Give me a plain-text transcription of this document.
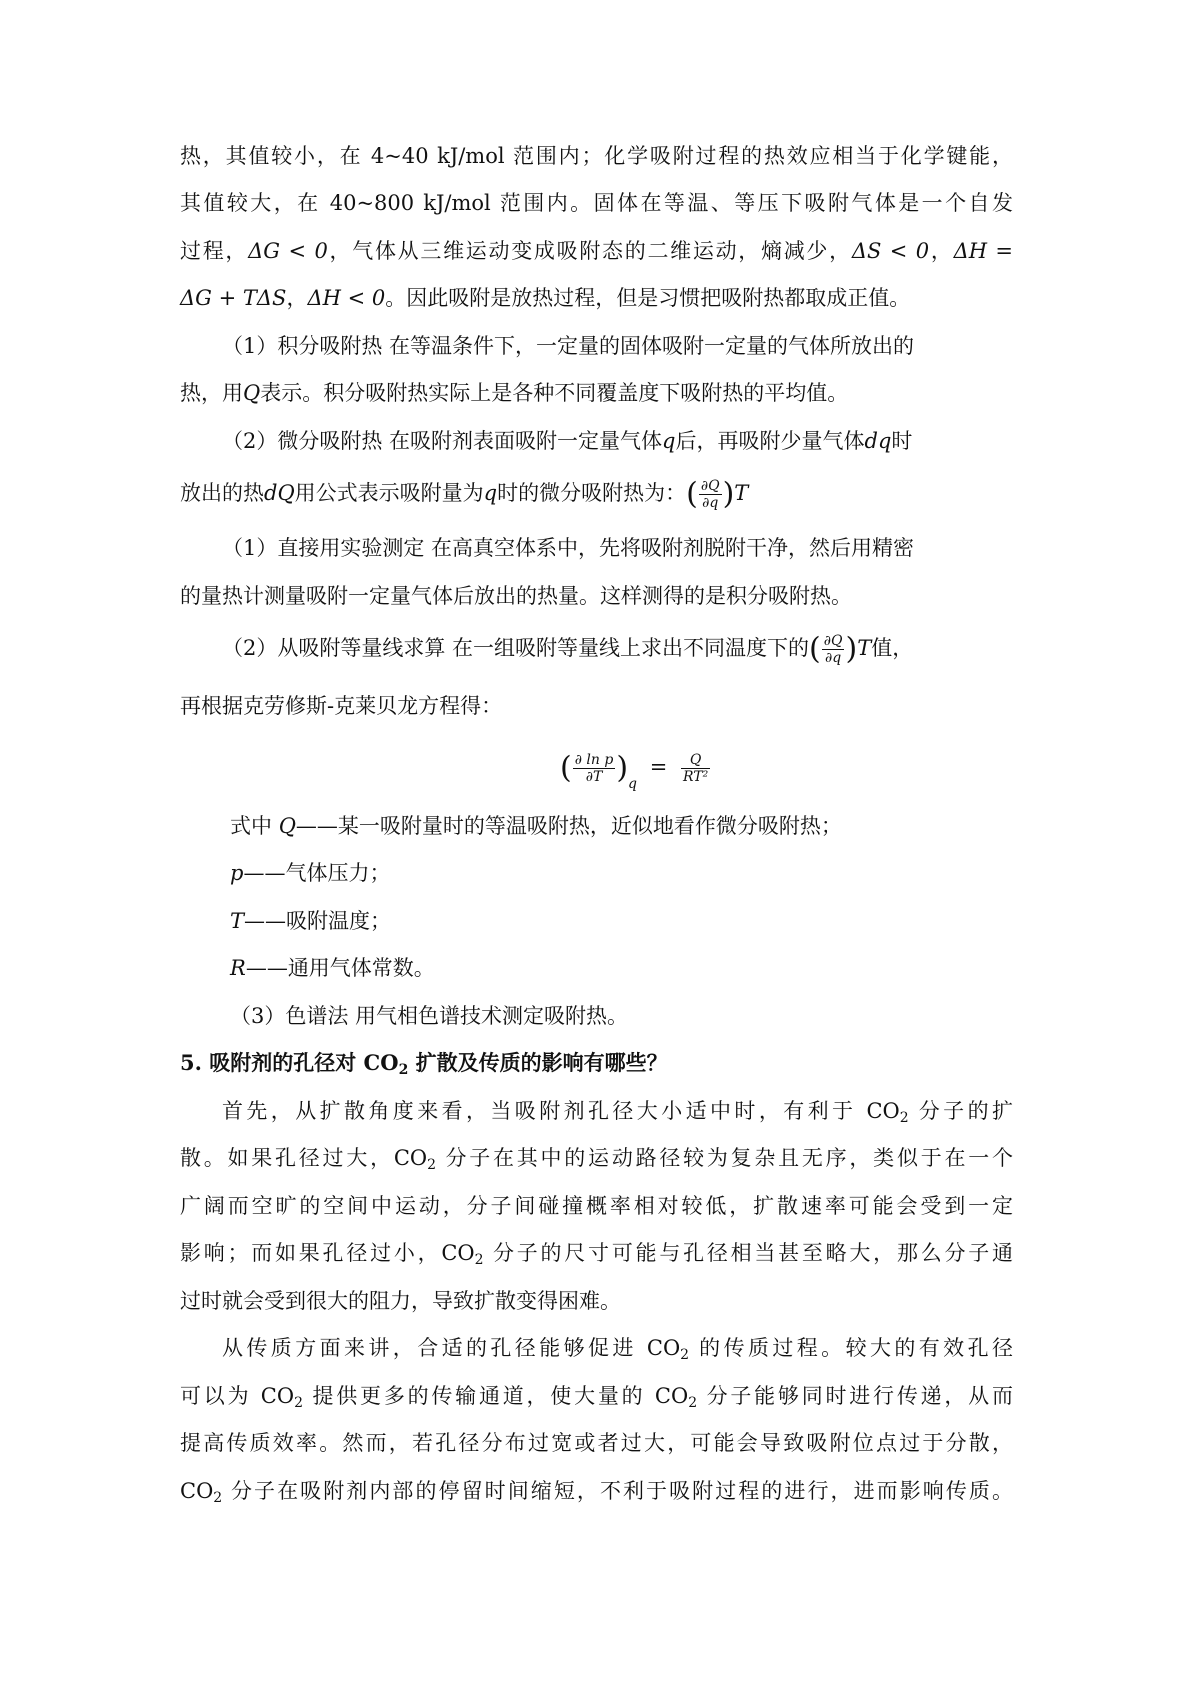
热，其值较小，在 4~40 kJ/mol 范围内；化学吸附过程的热效应相当于化学键能，
其值较大，在 40~800 kJ/mol 范围内。固体在等温、等压下吸附气体是一个自发
过程，ΔG < 0，气体从三维运动变成吸附态的二维运动，熵减少，ΔS < 0，ΔH =
ΔG + TΔS，ΔH < 0。因此吸附是放热过程，但是习惯把吸附热都取成正值。
（1）积分吸附热 在等温条件下，一定量的固体吸附一定量的气体所放出的
热，用Q表示。积分吸附热实际上是各种不同覆盖度下吸附热的平均值。
（2）微分吸附热 在吸附剂表面吸附一定量气体q后，再吸附少量气体dq时
放出的热dQ用公式表示吸附量为q时的微分吸附热为：( $\frac{\partial Q}{\partial q} )T$
（1）直接用实验测定 在高真空体系中，先将吸附剂脱附干净，然后用精密
的量热计测量吸附一定量气体后放出的热量。这样测得的是积分吸附热。
（2）从吸附等量线求算 在一组吸附等量线上求出不同温度下的( $\frac{\partial Q}{\partial q} )T$值，
再根据克劳修斯-克莱贝龙方程得：
( $\frac{\text{∂ ln p}}{\partial T} )_q = \frac{Q}{\text{RT²}}$
式中 Q——某一吸附量时的等温吸附热，近似地看作微分吸附热；
p——气体压力；
T——吸附温度；
R——通用气体常数。
（3）色谱法 用气相色谱技术测定吸附热。
5. 吸附剂的孔径对 $CO_2$ 扩散及传质的影响有哪些？
首先，从扩散角度来看，当吸附剂孔径大小适中时，有利于 $CO_2$ 分子的扩
散。如果孔径过大，$CO_2$ 分子在其中的运动路径较为复杂且无序，类似于在一个
广阔而空旷的空间中运动，分子间碰撞概率相对较低，扩散速率可能会受到一定
影响；而如果孔径过小，$CO_2$ 分子的尺寸可能与孔径相当甚至略大，那么分子通
过时就会受到很大的阻力，导致扩散变得困难。
从传质方面来讲，合适的孔径能够促进 $CO_2$ 的传质过程。较大的有效孔径
可以为 $CO_2$ 提供更多的传输通道，使大量的 $CO_2$ 分子能够同时进行传递，从而
提高传质效率。然而，若孔径分布过宽或者过大，可能会导致吸附位点过于分散，
$CO_2$ 分子在吸附剂内部的停留时间缩短，不利于吸附过程的进行，进而影响传质。
